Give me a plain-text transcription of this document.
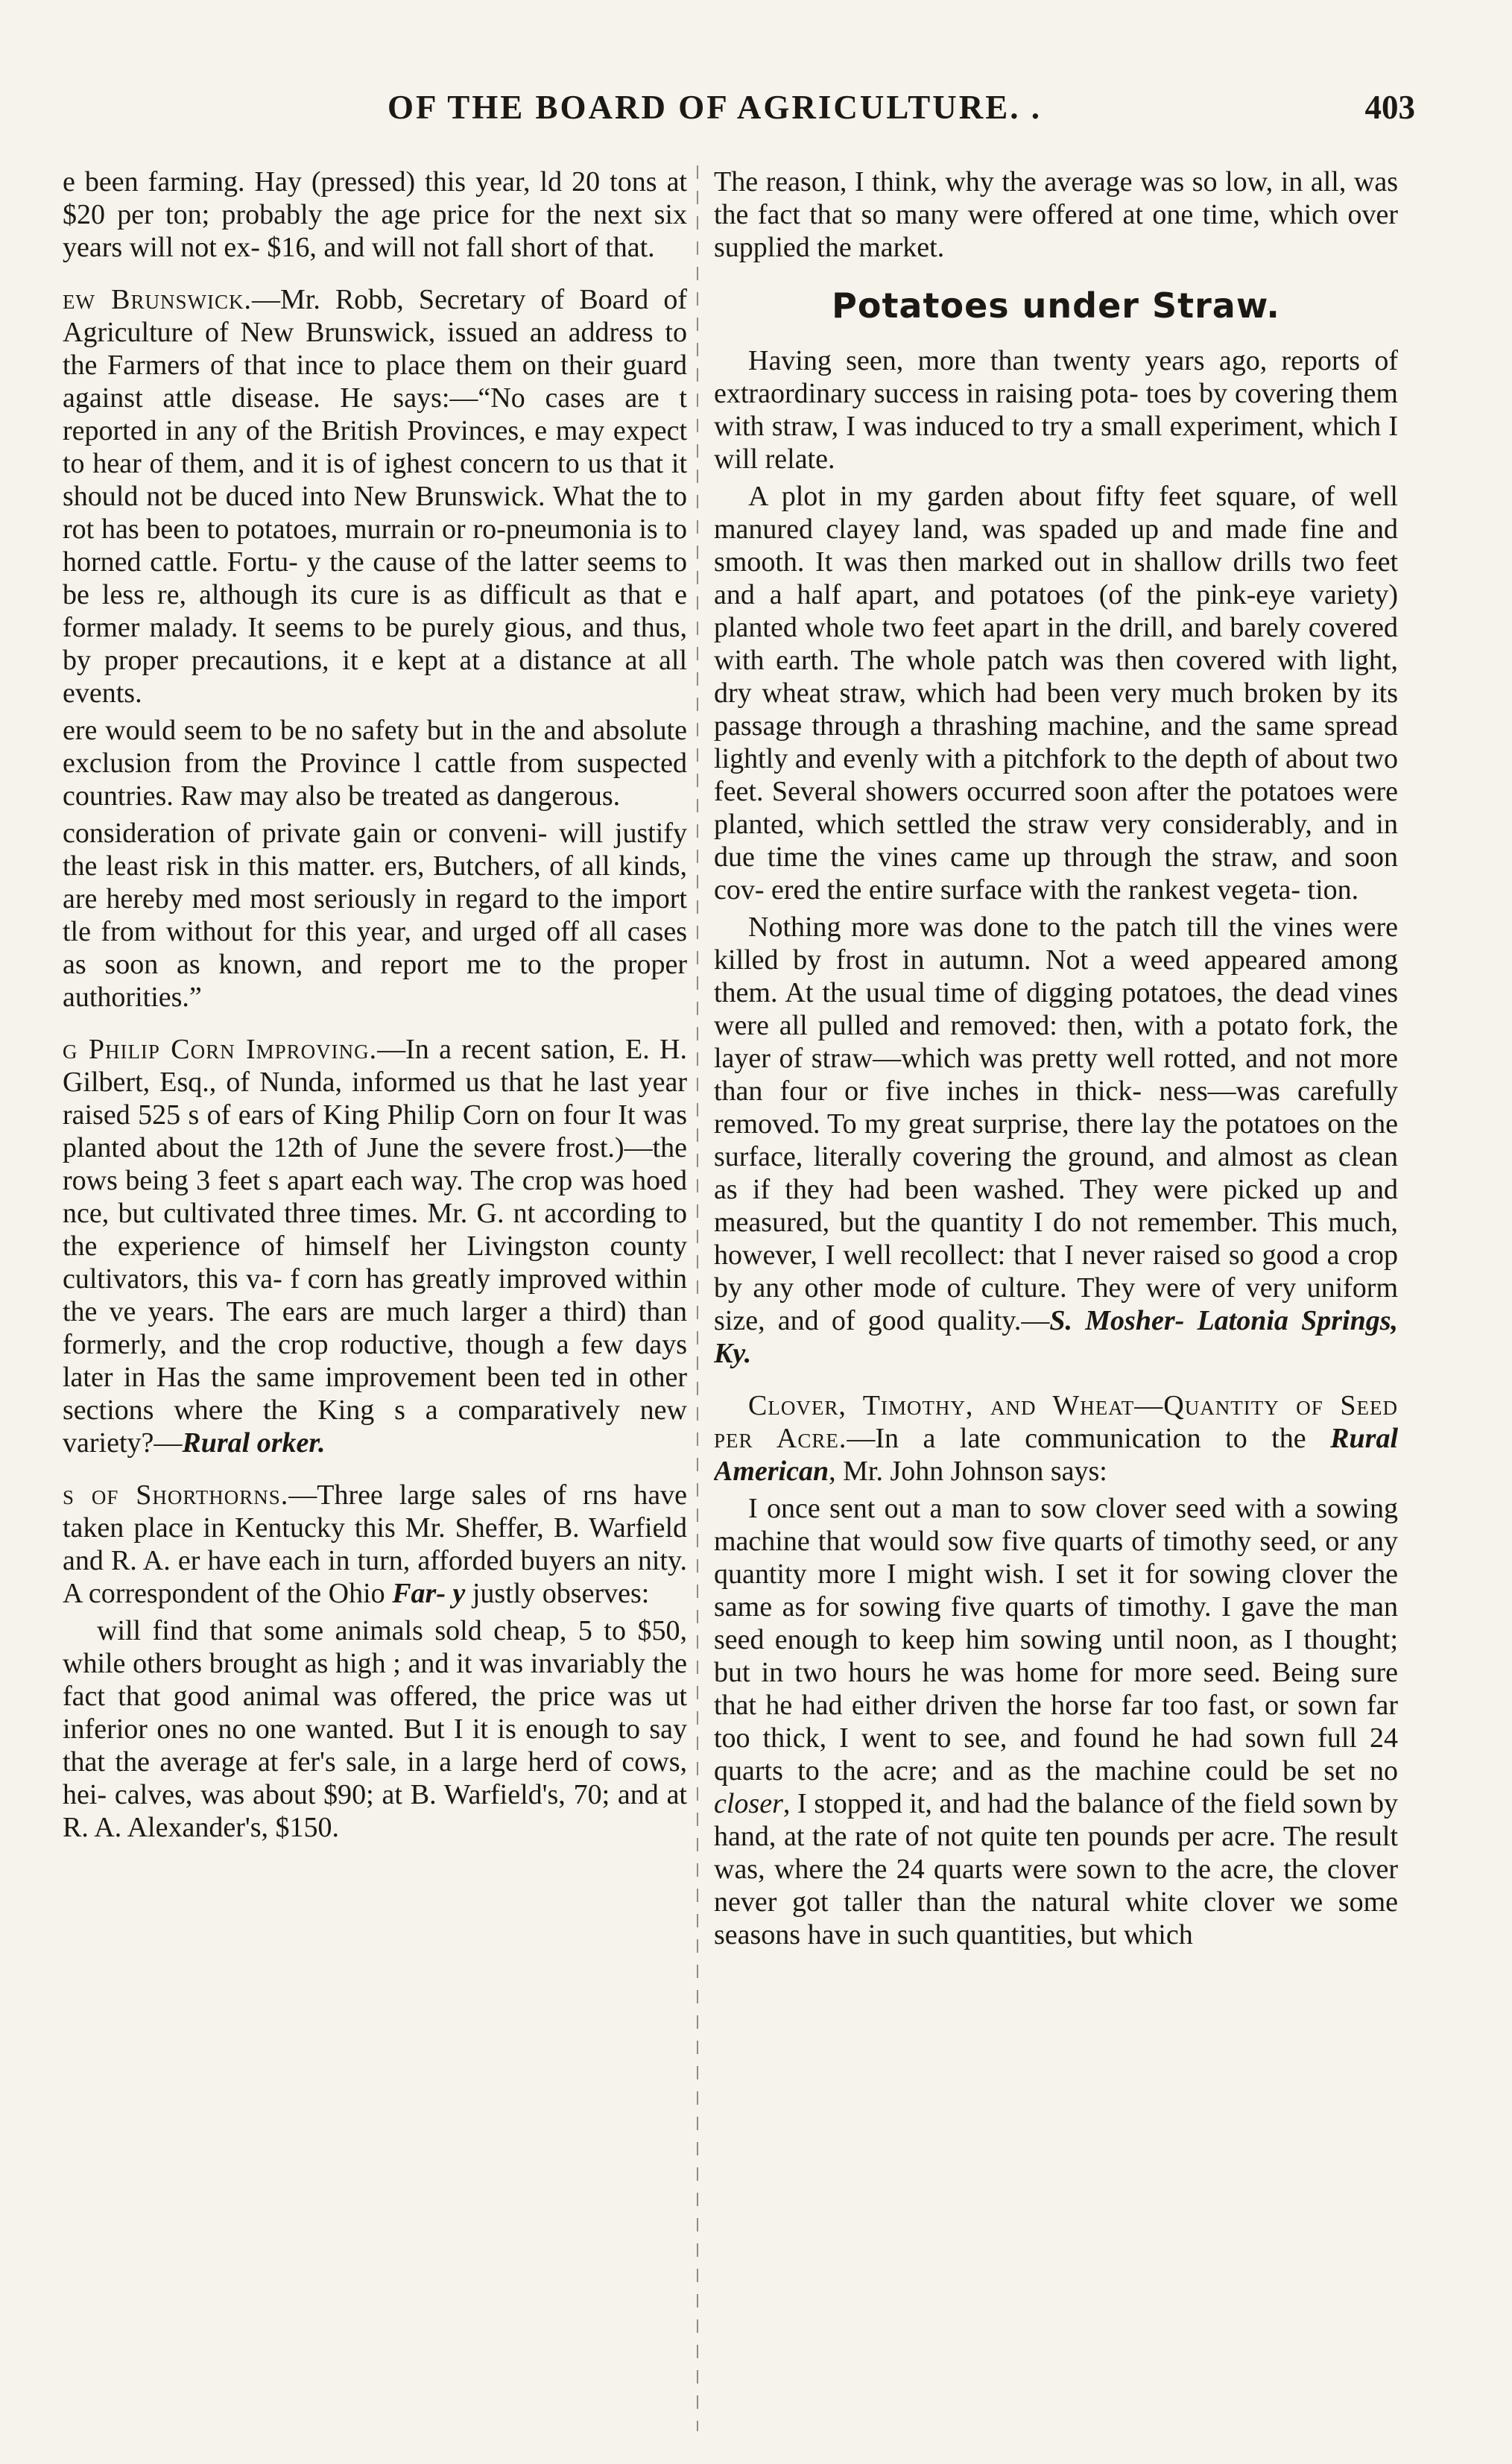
OF THE BOARD OF AGRICULTURE. .	403

e been farming. Hay (pressed) this year, ld 20 tons at $20 per ton; probably the age price for the next six years will not ex- $16, and will not fall short of that.

ew Brunswick.—Mr. Robb, Secretary of Board of Agriculture of New Brunswick, issued an address to the Farmers of that ince to place them on their guard against attle disease. He says:—“No cases are t reported in any of the British Provinces, e may expect to hear of them, and it is of ighest concern to us that it should not be duced into New Brunswick. What the to rot has been to potatoes, murrain or ro-pneumonia is to horned cattle. Fortu- y the cause of the latter seems to be less re, although its cure is as difficult as that e former malady. It seems to be purely gious, and thus, by proper precautions, it e kept at a distance at all events.

ere would seem to be no safety but in the and absolute exclusion from the Province l cattle from suspected countries. Raw may also be treated as dangerous.

consideration of private gain or conveni- will justify the least risk in this matter. ers, Butchers, of all kinds, are hereby med most seriously in regard to the import tle from without for this year, and urged off all cases as soon as known, and report me to the proper authorities.”

g Philip Corn Improving.—In a recent sation, E. H. Gilbert, Esq., of Nunda, informed us that he last year raised 525 s of ears of King Philip Corn on four It was planted about the 12th of June the severe frost.)—the rows being 3 feet s apart each way. The crop was hoed nce, but cultivated three times. Mr. G. nt according to the experience of himself her Livingston county cultivators, this va- f corn has greatly improved within the ve years. The ears are much larger a third) than formerly, and the crop roductive, though a few days later in Has the same improvement been ted in other sections where the King s a comparatively new variety?—Rural orker.

s of Shorthorns.—Three large sales of rns have taken place in Kentucky this Mr. Sheffer, B. Warfield and R. A. er have each in turn, afforded buyers an nity. A correspondent of the Ohio Far- y justly observes:

will find that some animals sold cheap, 5 to $50, while others brought as high ; and it was invariably the fact that good animal was offered, the price was ut inferior ones no one wanted. But I it is enough to say that the average at fer's sale, in a large herd of cows, hei- calves, was about $90; at B. Warfield's, 70; and at R. A. Alexander's, $150.

The reason, I think, why the average was so low, in all, was the fact that so many were offered at one time, which over supplied the market.

Potatoes under Straw.

Having seen, more than twenty years ago, reports of extraordinary success in raising pota- toes by covering them with straw, I was induced to try a small experiment, which I will relate.

A plot in my garden about fifty feet square, of well manured clayey land, was spaded up and made fine and smooth. It was then marked out in shallow drills two feet and a half apart, and potatoes (of the pink-eye variety) planted whole two feet apart in the drill, and barely covered with earth. The whole patch was then covered with light, dry wheat straw, which had been very much broken by its passage through a thrashing machine, and the same spread lightly and evenly with a pitchfork to the depth of about two feet. Several showers occurred soon after the potatoes were planted, which settled the straw very considerably, and in due time the vines came up through the straw, and soon cov- ered the entire surface with the rankest vegeta- tion.

Nothing more was done to the patch till the vines were killed by frost in autumn. Not a weed appeared among them. At the usual time of digging potatoes, the dead vines were all pulled and removed: then, with a potato fork, the layer of straw—which was pretty well rotted, and not more than four or five inches in thick- ness—was carefully removed. To my great surprise, there lay the potatoes on the surface, literally covering the ground, and almost as clean as if they had been washed. They were picked up and measured, but the quantity I do not remember. This much, however, I well recollect: that I never raised so good a crop by any other mode of culture. They were of very uniform size, and of good quality.—S. Mosher- Latonia Springs, Ky.

Clover, Timothy, and Wheat—Quantity of Seed per Acre.—In a late communication to the Rural American, Mr. John Johnson says:

I once sent out a man to sow clover seed with a sowing machine that would sow five quarts of timothy seed, or any quantity more I might wish. I set it for sowing clover the same as for sowing five quarts of timothy. I gave the man seed enough to keep him sowing until noon, as I thought; but in two hours he was home for more seed. Being sure that he had either driven the horse far too fast, or sown far too thick, I went to see, and found he had sown full 24 quarts to the acre; and as the machine could be set no closer, I stopped it, and had the balance of the field sown by hand, at the rate of not quite ten pounds per acre. The result was, where the 24 quarts were sown to the acre, the clover never got taller than the natural white clover we some seasons have in such quantities, but which
